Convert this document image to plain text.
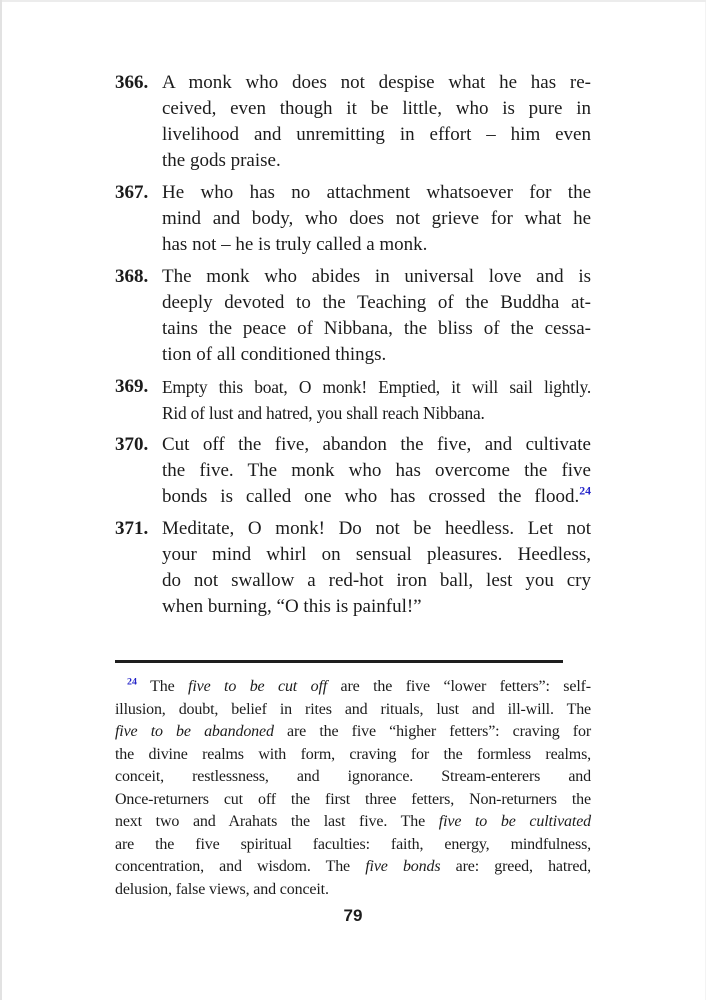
366. A monk who does not despise what he has re-
ceived, even though it be little, who is pure in
livelihood and unremitting in effort – him even
the gods praise.
367. He who has no attachment whatsoever for the
mind and body, who does not grieve for what he
has not – he is truly called a monk.
368. The monk who abides in universal love and is
deeply devoted to the Teaching of the Buddha at-
tains the peace of Nibbana, the bliss of the cessa-
tion of all conditioned things.
369. Empty this boat, O monk! Emptied, it will sail lightly.
Rid of lust and hatred, you shall reach Nibbana.
370. Cut off the five, abandon the five, and cultivate
the five. The monk who has overcome the five
bonds is called one who has crossed the flood.$^{24}$
371. Meditate, O monk! Do not be heedless. Let not
your mind whirl on sensual pleasures. Heedless,
do not swallow a red-hot iron ball, lest you cry
when burning, “O this is painful!”
$^{24}$ The five to be cut off are the five “lower fetters”: self-
illusion, doubt, belief in rites and rituals, lust and ill-will. The
five to be abandoned are the five “higher fetters”: craving for
the divine realms with form, craving for the formless realms,
conceit, restlessness, and ignorance. Stream-enterers and
Once-returners cut off the first three fetters, Non-returners the
next two and Arahats the last five. The five to be cultivated
are the five spiritual faculties: faith, energy, mindfulness,
concentration, and wisdom. The five bonds are: greed, hatred,
delusion, false views, and conceit.
79
